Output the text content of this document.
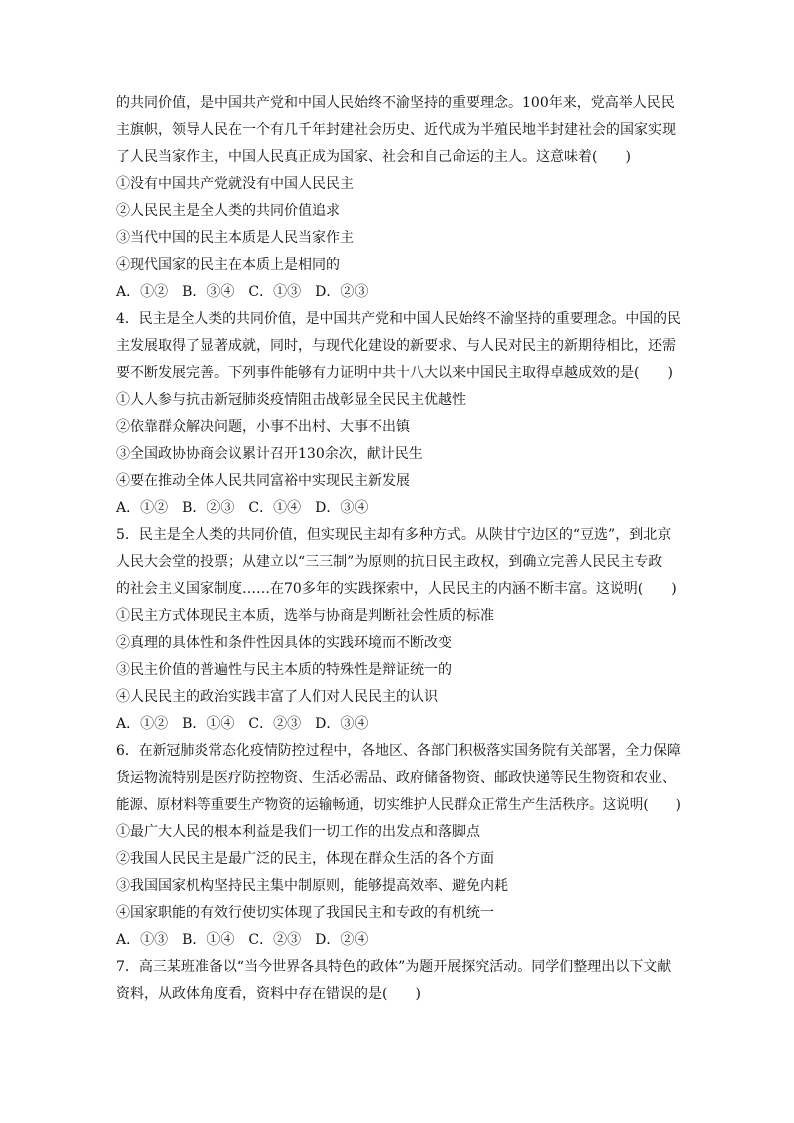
的共同价值，是中国共产党和中国人民始终不渝坚持的重要理念。100年来，党高举人民民
主旗帜，领导人民在一个有几千年封建社会历史、近代成为半殖民地半封建社会的国家实现
了人民当家作主，中国人民真正成为国家、社会和自己命运的主人。这意味着(　　)
①没有中国共产党就没有中国人民民主
②人民民主是全人类的共同价值追求
③当代中国的民主本质是人民当家作主
④现代国家的民主在本质上是相同的
A．①②　B．③④　C．①③　D．②③
4．民主是全人类的共同价值，是中国共产党和中国人民始终不渝坚持的重要理念。中国的民
主发展取得了显著成就，同时，与现代化建设的新要求、与人民对民主的新期待相比，还需
要不断发展完善。下列事件能够有力证明中共十八大以来中国民主取得卓越成效的是(　　)
①人人参与抗击新冠肺炎疫情阻击战彰显全民民主优越性
②依靠群众解决问题，小事不出村、大事不出镇
③全国政协协商会议累计召开130余次，献计民生
④要在推动全体人民共同富裕中实现民主新发展
A．①②　B．②③　C．①④　D．③④
5．民主是全人类的共同价值，但实现民主却有多种方式。从陕甘宁边区的“豆选”，到北京
人民大会堂的投票；从建立以“三三制”为原则的抗日民主政权，到确立完善人民民主专政
的社会主义国家制度……在70多年的实践探索中，人民民主的内涵不断丰富。这说明(　　)
①民主方式体现民主本质，选举与协商是判断社会性质的标准
②真理的具体性和条件性因具体的实践环境而不断改变
③民主价值的普遍性与民主本质的特殊性是辩证统一的
④人民民主的政治实践丰富了人们对人民民主的认识
A．①②　B．①④　C．②③　D．③④
6．在新冠肺炎常态化疫情防控过程中，各地区、各部门积极落实国务院有关部署，全力保障
货运物流特别是医疗防控物资、生活必需品、政府储备物资、邮政快递等民生物资和农业、
能源、原材料等重要生产物资的运输畅通，切实维护人民群众正常生产生活秩序。这说明(　　)
①最广大人民的根本利益是我们一切工作的出发点和落脚点
②我国人民民主是最广泛的民主，体现在群众生活的各个方面
③我国国家机构坚持民主集中制原则，能够提高效率、避免内耗
④国家职能的有效行使切实体现了我国民主和专政的有机统一
A．①③　B．①④　C．②③　D．②④
7．高三某班准备以“当今世界各具特色的政体”为题开展探究活动。同学们整理出以下文献
资料，从政体角度看，资料中存在错误的是(　　)
